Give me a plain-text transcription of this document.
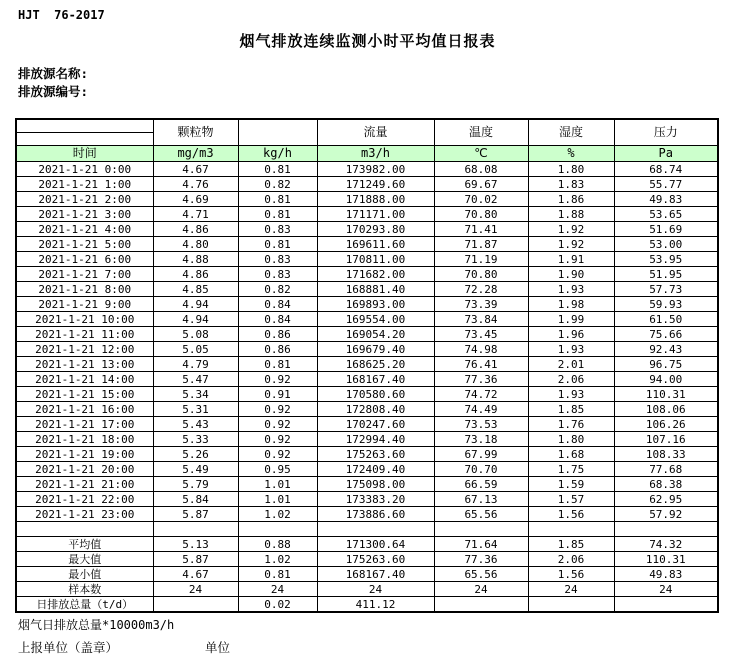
HJT  76-2017
烟气排放连续监测小时平均值日报表
排放源名称:
排放源编号:
	颗粒物		流量	温度	湿度	压力

时间	mg/m3	kg/h	m3/h	℃	%	Pa
2021-1-21 0:00	4.67	0.81	173982.00	68.08	1.80	68.74
2021-1-21 1:00	4.76	0.82	171249.60	69.67	1.83	55.77
2021-1-21 2:00	4.69	0.81	171888.00	70.02	1.86	49.83
2021-1-21 3:00	4.71	0.81	171171.00	70.80	1.88	53.65
2021-1-21 4:00	4.86	0.83	170293.80	71.41	1.92	51.69
2021-1-21 5:00	4.80	0.81	169611.60	71.87	1.92	53.00
2021-1-21 6:00	4.88	0.83	170811.00	71.19	1.91	53.95
2021-1-21 7:00	4.86	0.83	171682.00	70.80	1.90	51.95
2021-1-21 8:00	4.85	0.82	168881.40	72.28	1.93	57.73
2021-1-21 9:00	4.94	0.84	169893.00	73.39	1.98	59.93
2021-1-21 10:00	4.94	0.84	169554.00	73.84	1.99	61.50
2021-1-21 11:00	5.08	0.86	169054.20	73.45	1.96	75.66
2021-1-21 12:00	5.05	0.86	169679.40	74.98	1.93	92.43
2021-1-21 13:00	4.79	0.81	168625.20	76.41	2.01	96.75
2021-1-21 14:00	5.47	0.92	168167.40	77.36	2.06	94.00
2021-1-21 15:00	5.34	0.91	170580.60	74.72	1.93	110.31
2021-1-21 16:00	5.31	0.92	172808.40	74.49	1.85	108.06
2021-1-21 17:00	5.43	0.92	170247.60	73.53	1.76	106.26
2021-1-21 18:00	5.33	0.92	172994.40	73.18	1.80	107.16
2021-1-21 19:00	5.26	0.92	175263.60	67.99	1.68	108.33
2021-1-21 20:00	5.49	0.95	172409.40	70.70	1.75	77.68
2021-1-21 21:00	5.79	1.01	175098.00	66.59	1.59	68.38
2021-1-21 22:00	5.84	1.01	173383.20	67.13	1.57	62.95
2021-1-21 23:00	5.87	1.02	173886.60	65.56	1.56	57.92

平均值	5.13	0.88	171300.64	71.64	1.85	74.32
最大值	5.87	1.02	175263.60	77.36	2.06	110.31
最小值	4.67	0.81	168167.40	65.56	1.56	49.83
样本数	24	24	24	24	24	24
日排放总量（t/d）		0.02	411.12			
烟气日排放总量*10000m3/h
上报单位（盖章）	单位
